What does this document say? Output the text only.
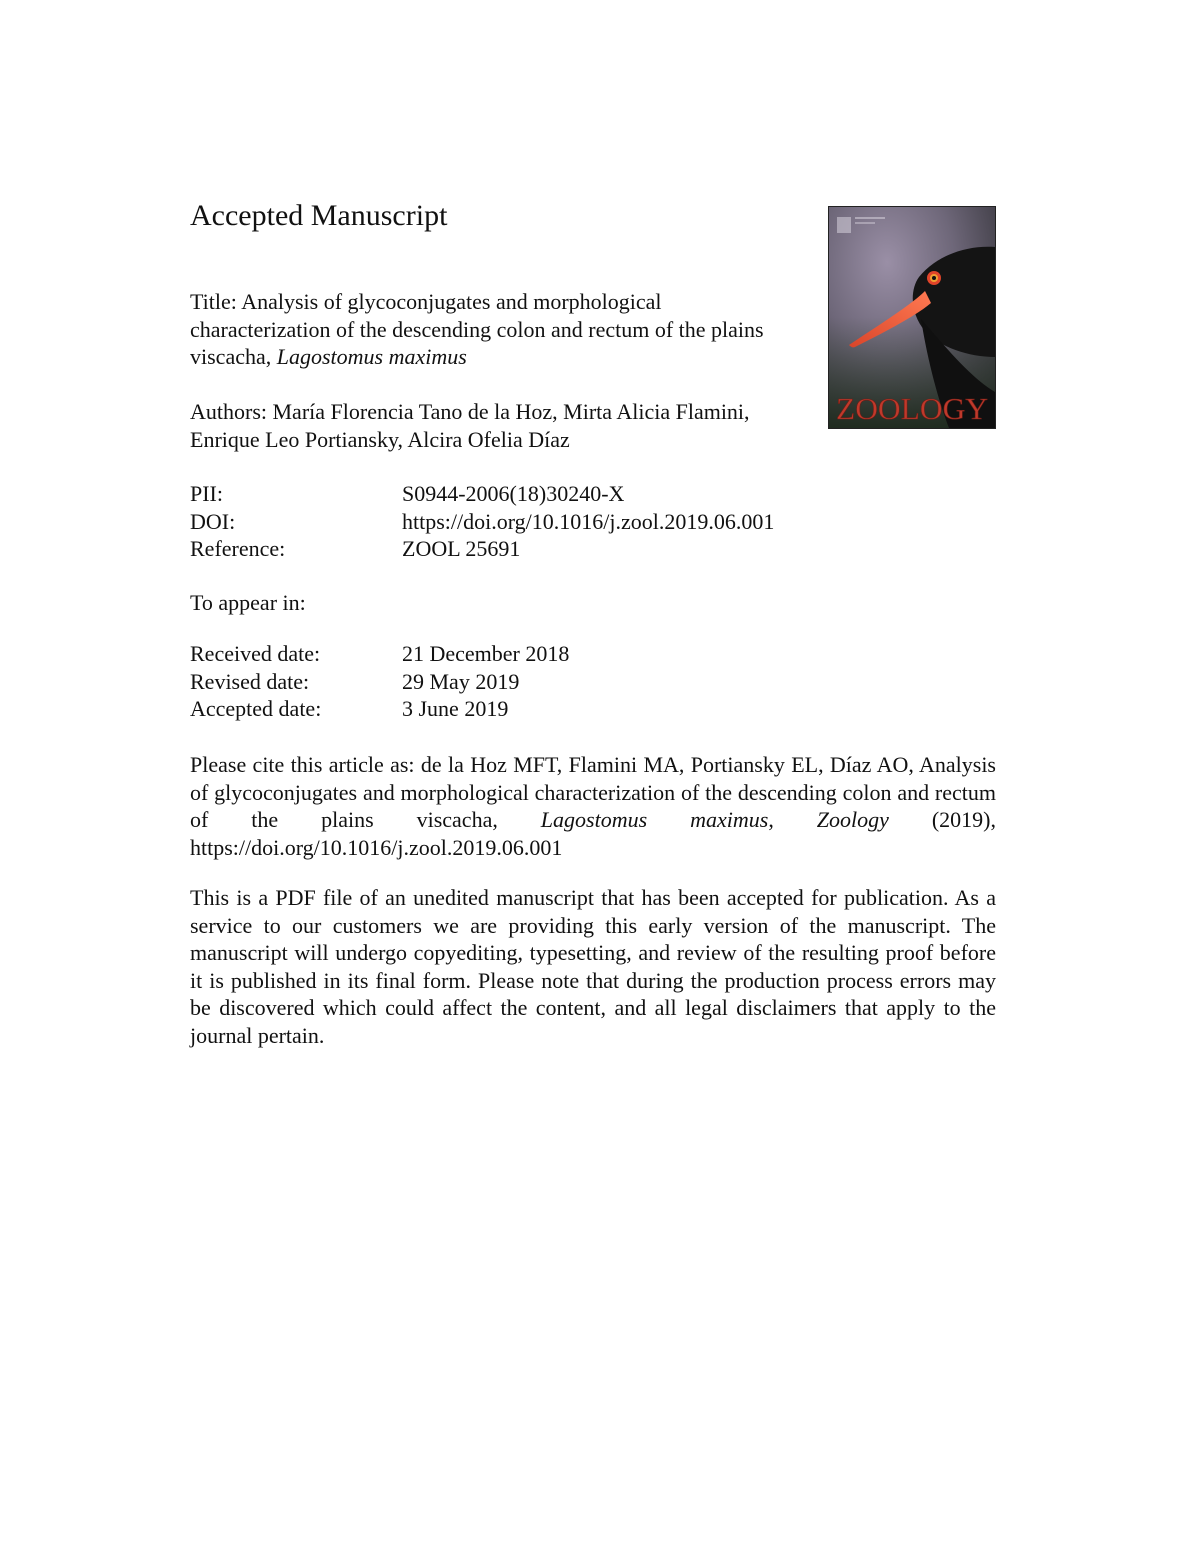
Accepted Manuscript

Title: Analysis of glycoconjugates and morphological characterization of the descending colon and rectum of the plains viscacha, Lagostomus maximus

Authors: María Florencia Tano de la Hoz, Mirta Alicia Flamini, Enrique Leo Portiansky, Alcira Ofelia Díaz

PII:	S0944-2006(18)30240-X
DOI:	https://doi.org/10.1016/j.zool.2019.06.001
Reference:	ZOOL 25691

To appear in:

Received date:	21 December 2018
Revised date:	29 May 2019
Accepted date:	3 June 2019

Please cite this article as: de la Hoz MFT, Flamini MA, Portiansky EL, Díaz AO, Analysis of glycoconjugates and morphological characterization of the descending colon and rectum of the plains viscacha, Lagostomus maximus, Zoology (2019), https://doi.org/10.1016/j.zool.2019.06.001

This is a PDF file of an unedited manuscript that has been accepted for publication. As a service to our customers we are providing this early version of the manuscript. The manuscript will undergo copyediting, typesetting, and review of the resulting proof before it is published in its final form. Please note that during the production process errors may be discovered which could affect the content, and all legal disclaimers that apply to the journal pertain.

ZOOLOGY
